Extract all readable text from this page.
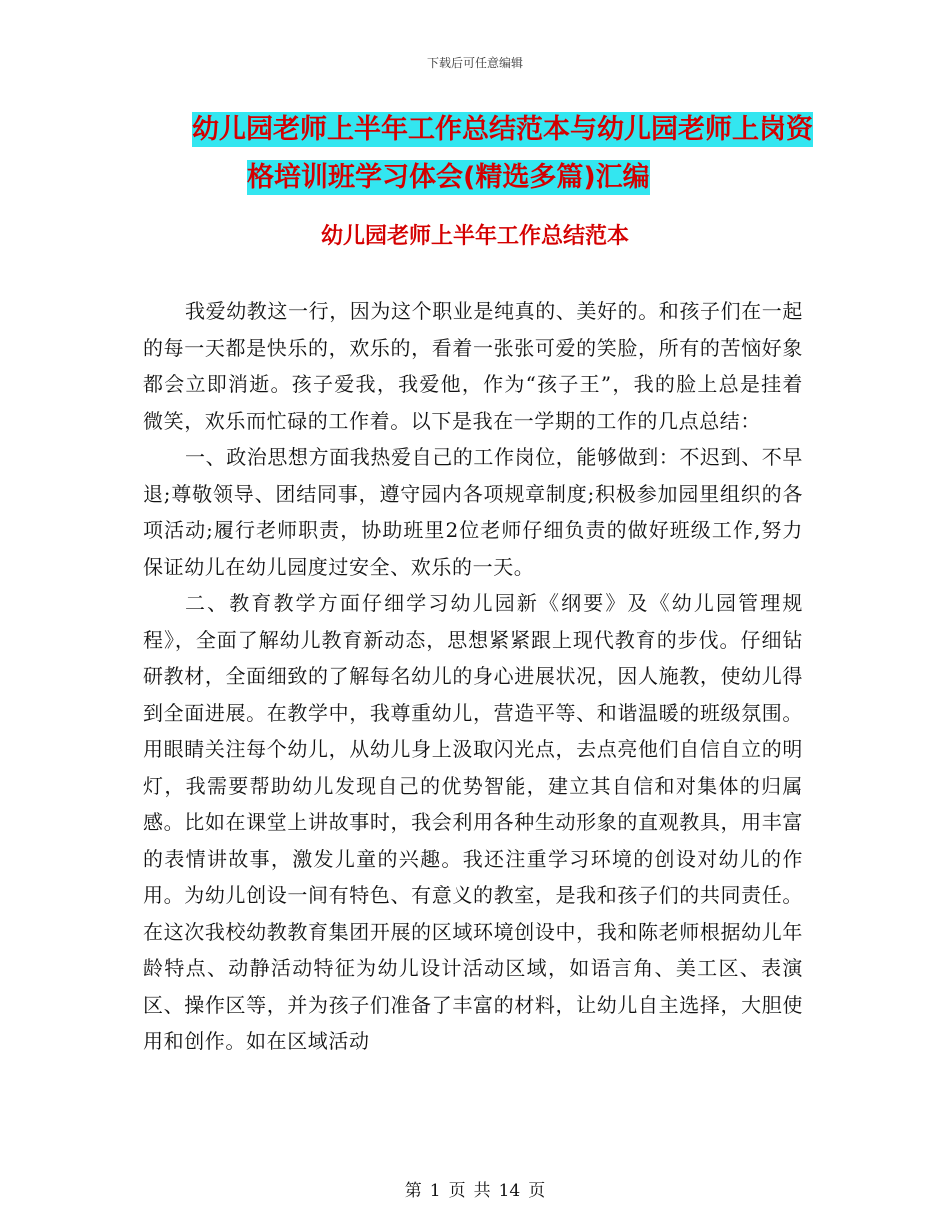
下载后可任意编辑
幼儿园老师上半年工作总结范本与幼儿园老师上岗资
格培训班学习体会(精选多篇)汇编
幼儿园老师上半年工作总结范本

我爱幼教这一行，因为这个职业是纯真的、美好的。和孩子们在一起的每一天都是快乐的，欢乐的，看着一张张可爱的笑脸，所有的苦恼好象都会立即消逝。孩子爱我，我爱他，作为“孩子王”，我的脸上总是挂着微笑，欢乐而忙碌的工作着。以下是我在一学期的工作的几点总结：

一、政治思想方面我热爱自己的工作岗位，能够做到：不迟到、不早退;尊敬领导、团结同事，遵守园内各项规章制度;积极参加园里组织的各项活动;履行老师职责，协助班里2位老师仔细负责的做好班级工作,努力保证幼儿在幼儿园度过安全、欢乐的一天。

二、教育教学方面仔细学习幼儿园新《纲要》及《幼儿园管理规程》，全面了解幼儿教育新动态，思想紧紧跟上现代教育的步伐。仔细钻研教材，全面细致的了解每名幼儿的身心进展状况，因人施教，使幼儿得到全面进展。在教学中，我尊重幼儿，营造平等、和谐温暖的班级氛围。用眼睛关注每个幼儿，从幼儿身上汲取闪光点，去点亮他们自信自立的明灯，我需要帮助幼儿发现自己的优势智能，建立其自信和对集体的归属感。比如在课堂上讲故事时，我会利用各种生动形象的直观教具，用丰富的表情讲故事，激发儿童的兴趣。我还注重学习环境的创设对幼儿的作用。为幼儿创设一间有特色、有意义的教室，是我和孩子们的共同责任。在这次我校幼教教育集团开展的区域环境创设中，我和陈老师根据幼儿年龄特点、动静活动特征为幼儿设计活动区域，如语言角、美工区、表演区、操作区等，并为孩子们准备了丰富的材料，让幼儿自主选择，大胆使用和创作。如在区域活动

第 1 页 共 14 页
